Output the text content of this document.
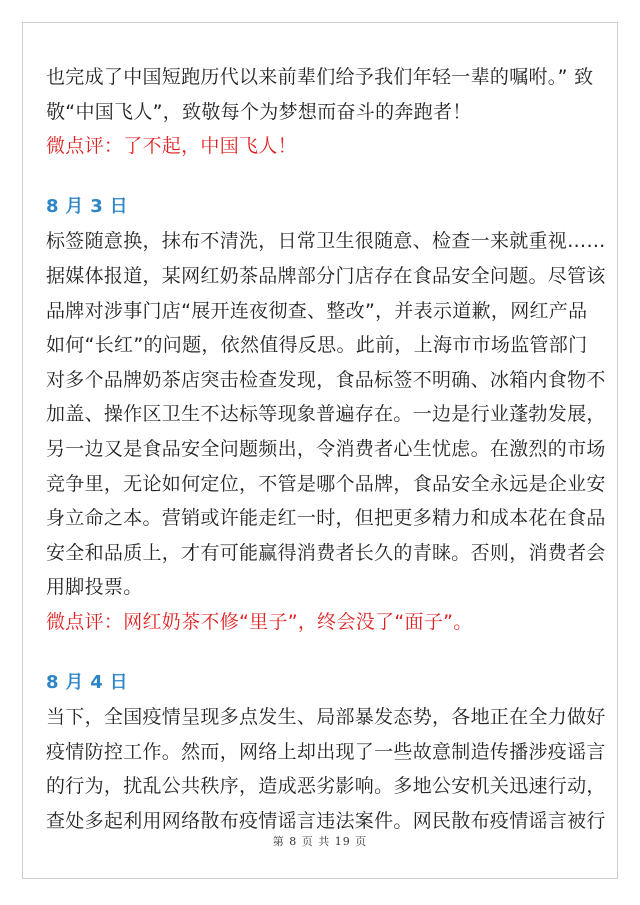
也完成了中国短跑历代以来前辈们给予我们年轻一辈的嘱咐。” 致
敬“中国飞人”，致敬每个为梦想而奋斗的奔跑者！
微点评：了不起，中国飞人！
8 月 3 日
标签随意换，抹布不清洗，日常卫生很随意、检查一来就重视……
据媒体报道，某网红奶茶品牌部分门店存在食品安全问题。尽管该
品牌对涉事门店“展开连夜彻查、整改”，并表示道歉，网红产品
如何“长红”的问题，依然值得反思。此前，上海市市场监管部门
对多个品牌奶茶店突击检查发现，食品标签不明确、冰箱内食物不
加盖、操作区卫生不达标等现象普遍存在。一边是行业蓬勃发展，
另一边又是食品安全问题频出，令消费者心生忧虑。在激烈的市场
竞争里，无论如何定位，不管是哪个品牌，食品安全永远是企业安
身立命之本。营销或许能走红一时，但把更多精力和成本花在食品
安全和品质上，才有可能赢得消费者长久的青睐。否则，消费者会
用脚投票。
微点评：网红奶茶不修“里子”，终会没了“面子”。
8 月 4 日
当下，全国疫情呈现多点发生、局部暴发态势，各地正在全力做好
疫情防控工作。然而，网络上却出现了一些故意制造传播涉疫谣言
的行为，扰乱公共秩序，造成恶劣影响。多地公安机关迅速行动，
查处多起利用网络散布疫情谣言违法案件。网民散布疫情谣言被行
第 8 页 共 19 页
